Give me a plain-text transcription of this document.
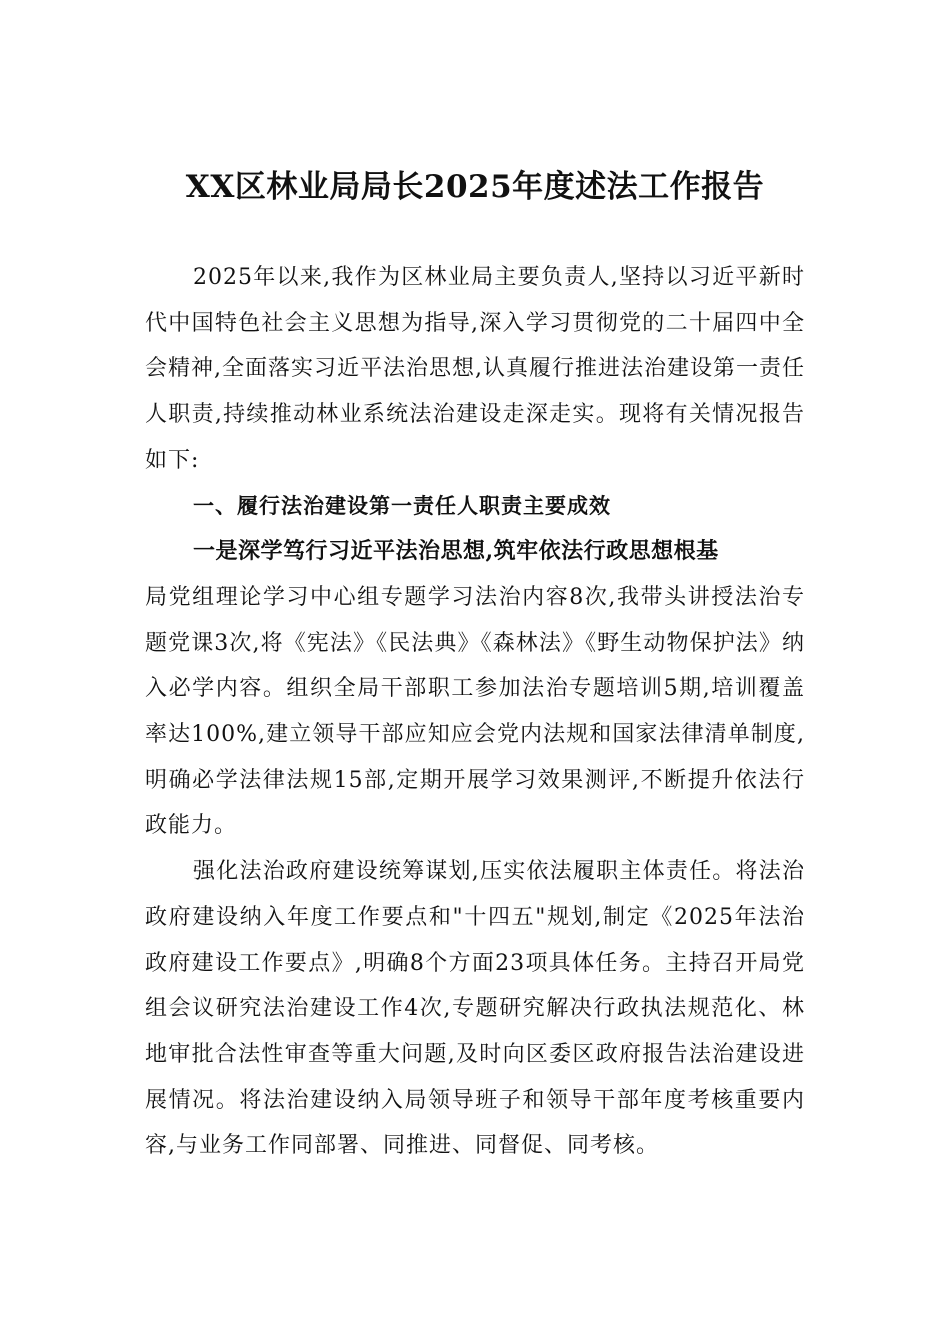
XX区林业局局长2025年度述法工作报告

2025年以来,我作为区林业局主要负责人,坚持以习近平新时代中国特色社会主义思想为指导,深入学习贯彻党的二十届四中全会精神,全面落实习近平法治思想,认真履行推进法治建设第一责任人职责,持续推动林业系统法治建设走深走实。现将有关情况报告如下:

一、履行法治建设第一责任人职责主要成效

一是深学笃行习近平法治思想,筑牢依法行政思想根基

局党组理论学习中心组专题学习法治内容8次,我带头讲授法治专题党课3次,将《宪法》《民法典》《森林法》《野生动物保护法》纳入必学内容。组织全局干部职工参加法治专题培训5期,培训覆盖率达100%,建立领导干部应知应会党内法规和国家法律清单制度,明确必学法律法规15部,定期开展学习效果测评,不断提升依法行政能力。

强化法治政府建设统筹谋划,压实依法履职主体责任。将法治政府建设纳入年度工作要点和"十四五"规划,制定《2025年法治政府建设工作要点》,明确8个方面23项具体任务。主持召开局党组会议研究法治建设工作4次,专题研究解决行政执法规范化、林地审批合法性审查等重大问题,及时向区委区政府报告法治建设进展情况。将法治建设纳入局领导班子和领导干部年度考核重要内容,与业务工作同部署、同推进、同督促、同考核。
